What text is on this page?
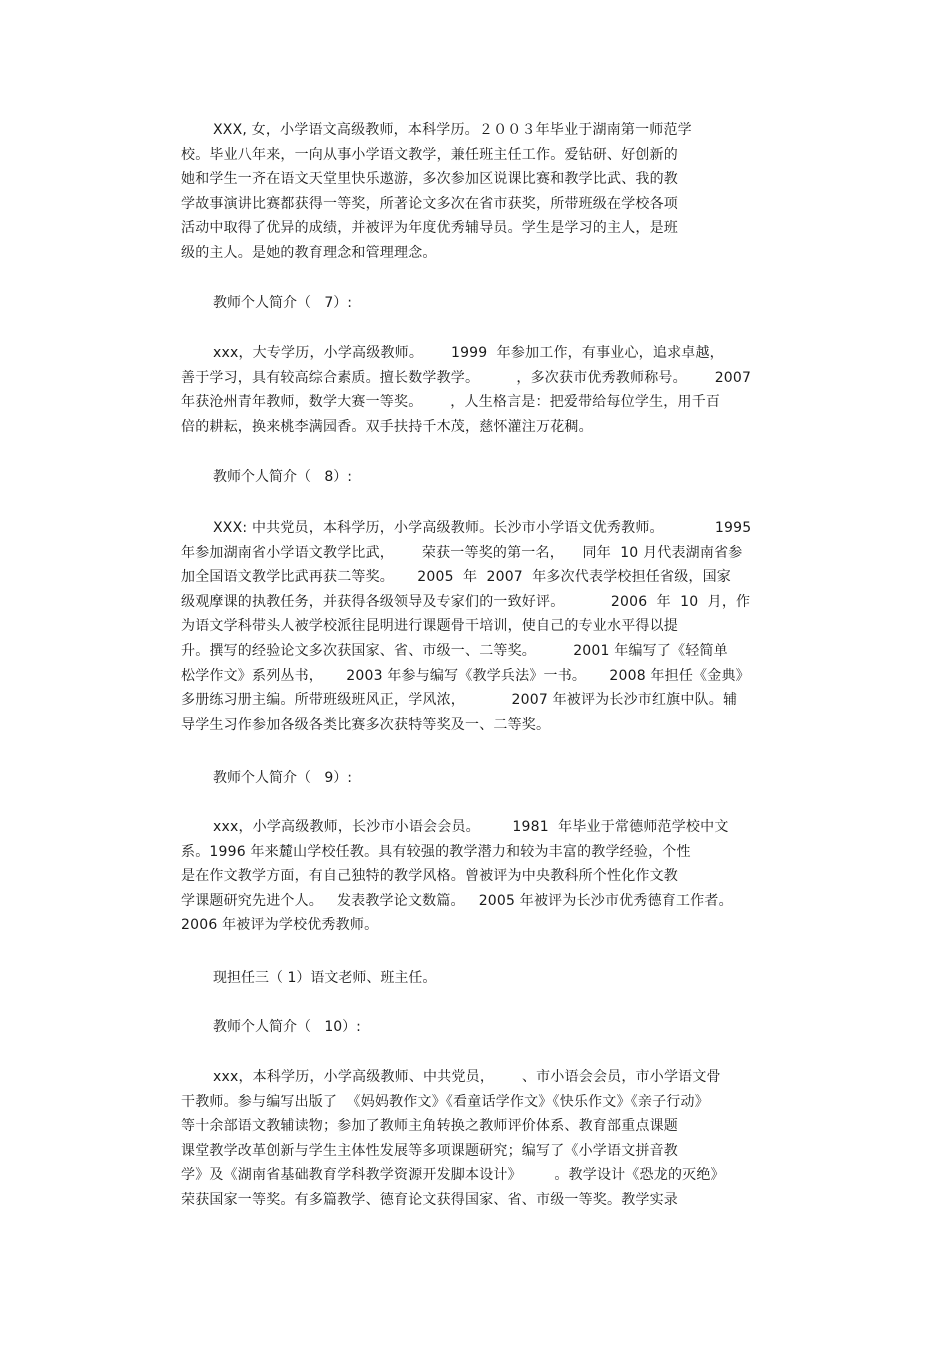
XXX, 女，小学语文高级教师，本科学历。２００３年毕业于湖南第一师范学
校。毕业八年来，一向从事小学语文教学，兼任班主任工作。爱钻研、好创新的
她和学生一齐在语文天堂里快乐遨游，多次参加区说课比赛和教学比武、我的教
学故事演讲比赛都获得一等奖，所著论文多次在省市获奖，所带班级在学校各项
活动中取得了优异的成绩，并被评为年度优秀辅导员。学生是学习的主人，是班
级的主人。是她的教育理念和管理理念。
教师个人简介（   7）:
xxx，大专学历，小学高级教师。      1999  年参加工作，有事业心，追求卓越，
善于学习，具有较高综合素质。擅长数学教学。        ，多次获市优秀教师称号。      2007
年获沧州青年教师，数学大赛一等奖。      ，人生格言是：把爱带给每位学生，用千百
倍的耕耘，换来桃李满园香。双手扶持千木茂，慈怀灌注万花稠。
教师个人简介（   8）:
XXX: 中共党员，本科学历，小学高级教师。长沙市小学语文优秀教师。           1995
年参加湖南省小学语文教学比武，      荣获一等奖的第一名，    同年  10 月代表湖南省参
加全国语文教学比武再获二等奖。     2005  年  2007  年多次代表学校担任省级，国家
级观摩课的执教任务，并获得各级领导及专家们的一致好评。          2006  年  10  月，作
为语文学科带头人被学校派往昆明进行课题骨干培训，使自己的专业水平得以提
升。撰写的经验论文多次获国家、省、市级一、二等奖。        2001 年编写了《轻简单
松学作文》系列丛书，     2003 年参与编写《教学兵法》一书。     2008 年担任《金典》
多册练习册主编。所带班级班风正，学风浓，          2007 年被评为长沙市红旗中队。辅
导学生习作参加各级各类比赛多次获特等奖及一、二等奖。
教师个人简介（   9）:
xxx，小学高级教师，长沙市小语会会员。       1981  年毕业于常德师范学校中文
系。1996 年来麓山学校任教。具有较强的教学潜力和较为丰富的教学经验，个性
是在作文教学方面，有自己独特的教学风格。曾被评为中央教科所个性化作文教
学课题研究先进个人。   发表教学论文数篇。   2005 年被评为长沙市优秀德育工作者。
2006 年被评为学校优秀教师。
现担任三（ 1）语文老师、班主任。
教师个人简介（   10）:
xxx，本科学历，小学高级教师、中共党员，      、市小语会会员，市小学语文骨
干教师。参与编写出版了  《妈妈教作文》《看童话学作文》《快乐作文》《亲子行动》
等十余部语文教辅读物；参加了教师主角转换之教师评价体系、教育部重点课题
课堂教学改革创新与学生主体性发展等多项课题研究；编写了《小学语文拼音教
学》及《湖南省基础教育学科教学资源开发脚本设计》       。教学设计《恐龙的灭绝》
荣获国家一等奖。有多篇教学、德育论文获得国家、省、市级一等奖。教学实录
